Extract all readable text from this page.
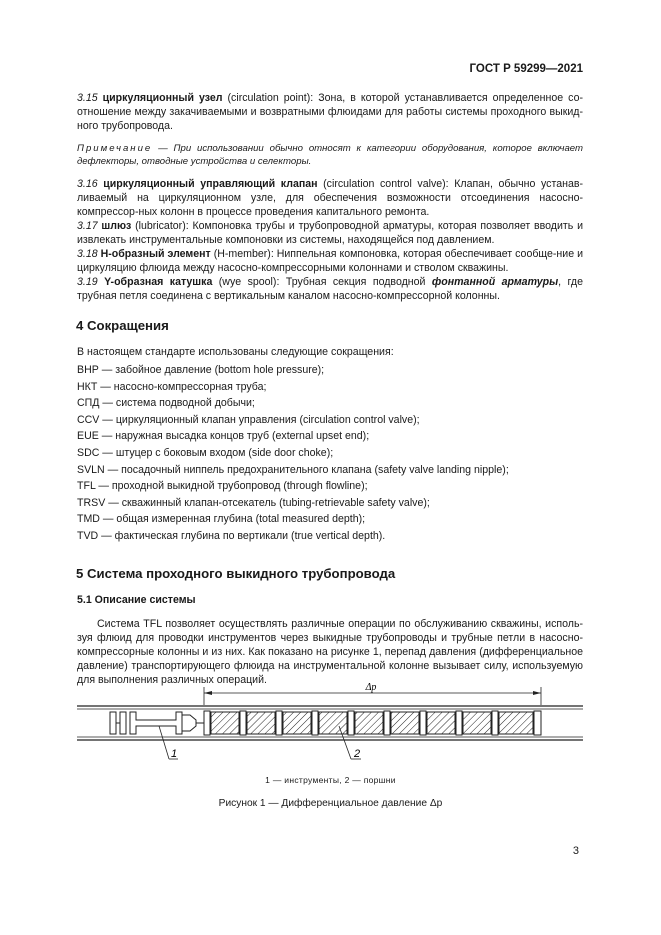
ГОСТ Р 59299—2021

3.15 циркуляционный узел (circulation point): Зона, в которой устанавливается определенное со-отношение между закачиваемыми и возвратными флюидами для работы системы проходного выкид-ного трубопровода.

Примечание — При использовании обычно относят к категории оборудования, которое включает дефлекторы, отводные устройства и селекторы.

3.16 циркуляционный управляющий клапан (circulation control valve): Клапан, обычно устанав-ливаемый на циркуляционном узле, для обеспечения возможности отсоединения насосно-компрессор-ных колонн в процессе проведения капитального ремонта.

3.17 шлюз (lubricator): Компоновка трубы и трубопроводной арматуры, которая позволяет вводить и извлекать инструментальные компоновки из системы, находящейся под давлением.

3.18 Н-образный элемент (H-member): Ниппельная компоновка, которая обеспечивает сообще-ние и циркуляцию флюида между насосно-компрессорными колоннами и стволом скважины.

3.19 Y-образная катушка (wye spool): Трубная секция подводной фонтанной арматуры, где трубная петля соединена с вертикальным каналом насосно-компрессорной колонны.

4 Сокращения

В настоящем стандарте использованы следующие сокращения:

ВНР — забойное давление (bottom hole pressure);
НКТ — насосно-компрессорная труба;
СПД — система подводной добычи;
CCV — циркуляционный клапан управления (circulation control valve);
EUE — наружная высадка концов труб (external upset end);
SDC — штуцер с боковым входом (side door choke);
SVLN — посадочный ниппель предохранительного клапана (safety valve landing nipple);
TFL — проходной выкидной трубопровод (through flowline);
TRSV — скважинный клапан-отсекатель (tubing-retrievable safety valve);
TMD — общая измеренная глубина (total measured depth);
TVD — фактическая глубина по вертикали (true vertical depth).
5 Система проходного выкидного трубопровода
5.1 Описание системы

Система TFL позволяет осуществлять различные операции по обслуживанию скважины, исполь-зуя флюид для проводки инструментов через выкидные трубопроводы и трубные петли в насосно-компрессорные колонны и из них. Как показано на рисунке 1, перепад давления (дифференциальное давление) транспортирующего флюида на инструментальной колонне вызывает силу, используемую для выполнения различных операций.

Δp
1	2
1 — инструменты, 2 — поршни
Рисунок 1 — Дифференциальное давление Δp
3
